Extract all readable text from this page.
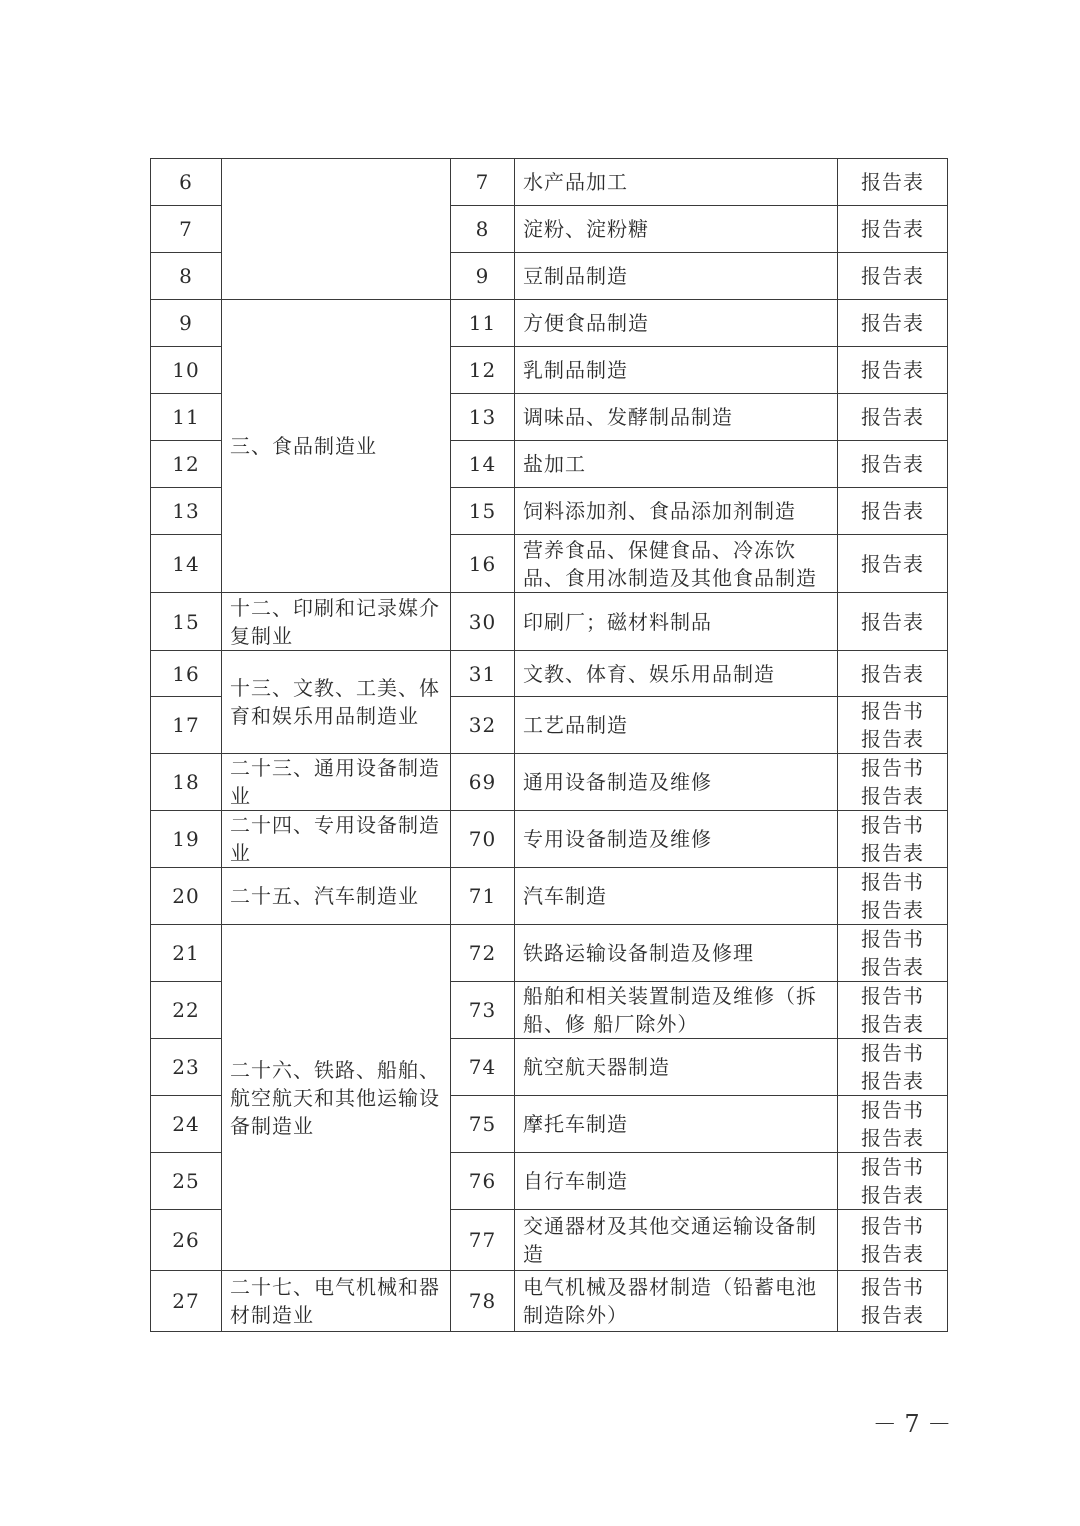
6		7	水产品加工	报告表

7		8	淀粉、淀粉糖	报告表

8		9	豆制品制造	报告表

9	三、食品制造业	11	方便食品制造	报告表

10		12	乳制品制造	报告表

11		13	调味品、发酵制品制造	报告表

12		14	盐加工	报告表

13		15	饲料添加剂、食品添加剂制造	报告表

14		16	营养食品、保健食品、冷冻饮品、食用冰制造及其他食品制造	报告表

15	十二、印刷和记录媒介复制业	30	印刷厂；磁材料制品	报告表

16	十三、文教、工美、体育和娱乐用品制造业	31	文教、体育、娱乐用品制造	报告表

17		32	工艺品制造	报告书
报告表

18	二十三、通用设备制造业	69	通用设备制造及维修	报告书
报告表

19	二十四、专用设备制造业	70	专用设备制造及维修	报告书
报告表

20	二十五、汽车制造业	71	汽车制造	报告书
报告表

21	二十六、铁路、船舶、航空航天和其他运输设 备制造业	72	铁路运输设备制造及修理	报告书
报告表

22		73	船舶和相关装置制造及维修（拆船、修 船厂除外）	报告书
报告表

23		74	航空航天器制造	报告书
报告表

24		75	摩托车制造	报告书
报告表

25		76	自行车制造	报告书
报告表

26		77	交通器材及其他交通运输设备制造	报告书
报告表

27	二十七、电气机械和器材制造业	78	电气机械及器材制造（铅蓄电池制造除外）	报告书
报告表
－ 7 －
